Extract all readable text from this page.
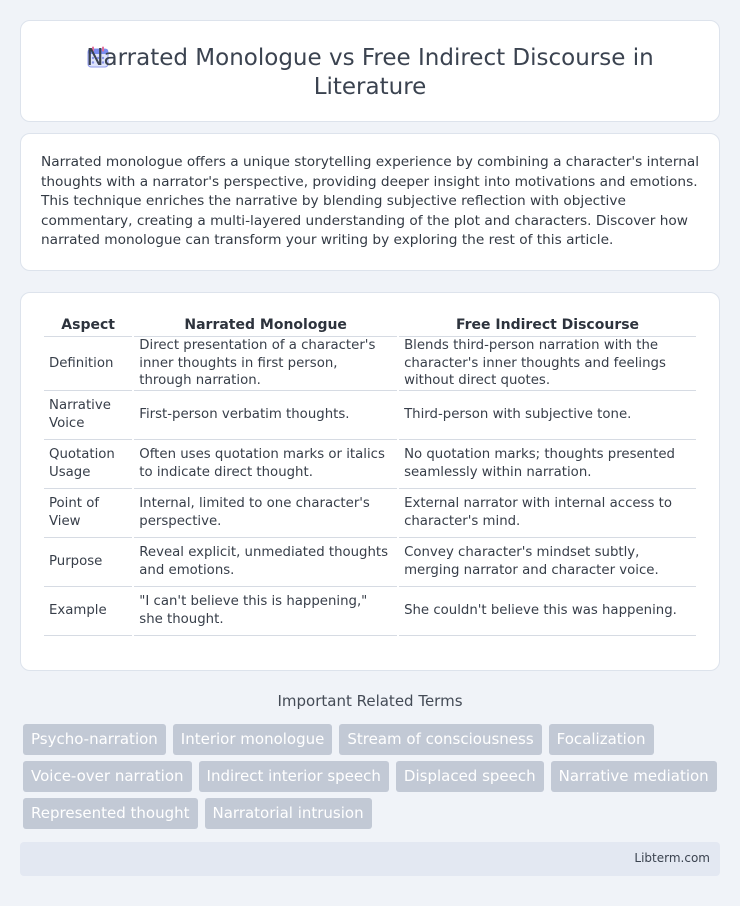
Narrated Monologue vs Free Indirect Discourse in
Literature

Narrated monologue offers a unique storytelling experience by combining a character's internal thoughts with a narrator's perspective, providing deeper insight into motivations and emotions. This technique enriches the narrative by blending subjective reflection with objective commentary, creating a multi-layered understanding of the plot and characters. Discover how narrated monologue can transform your writing by exploring the rest of this article.

Aspect	Narrated Monologue	Free Indirect Discourse
Definition	Direct presentation of a character's inner thoughts in first person, through narration.	Blends third-person narration with the character's inner thoughts and feelings without direct quotes.
Narrative Voice	First-person verbatim thoughts.	Third-person with subjective tone.
Quotation Usage	Often uses quotation marks or italics to indicate direct thought.	No quotation marks; thoughts presented seamlessly within narration.
Point of View	Internal, limited to one character's perspective.	External narrator with internal access to character's mind.
Purpose	Reveal explicit, unmediated thoughts and emotions.	Convey character's mindset subtly, merging narrator and character voice.
Example	"I can't believe this is happening," she thought.	She couldn't believe this was happening.
Important Related Terms
Psycho-narration	Interior monologue	Stream of consciousness	Focalization
Voice-over narration	Indirect interior speech	Displaced speech	Narrative mediation
Represented thought	Narratorial intrusion
Libterm.com
